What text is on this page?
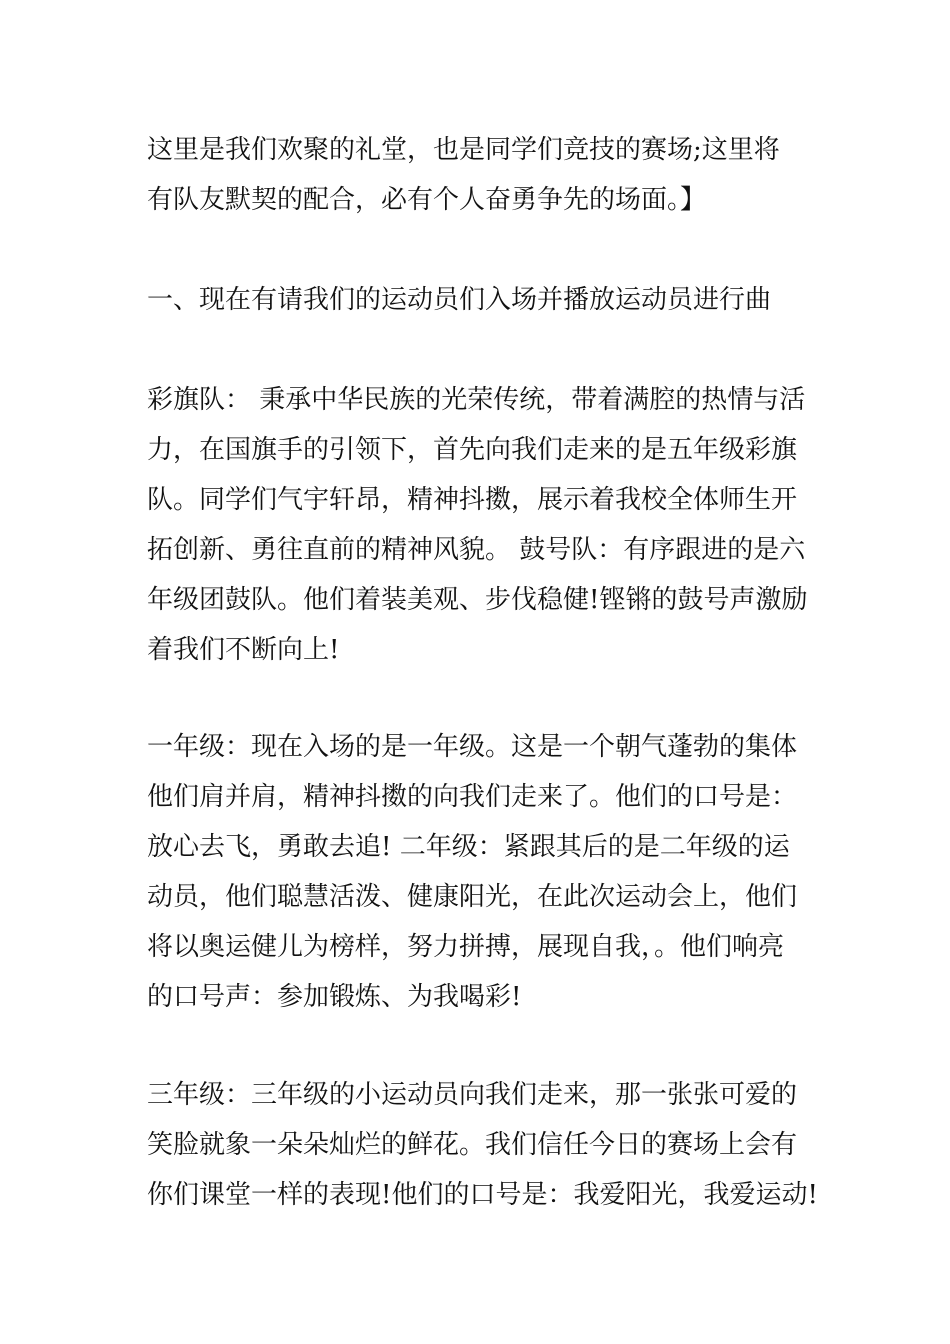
这里是我们欢聚的礼堂，也是同学们竞技的赛场;这里将
有队友默契的配合，必有个人奋勇争先的场面。】
一、现在有请我们的运动员们入场并播放运动员进行曲
彩旗队： 秉承中华民族的光荣传统，带着满腔的热情与活
力，在国旗手的引领下，首先向我们走来的是五年级彩旗
队。同学们气宇轩昂，精神抖擞，展示着我校全体师生开
拓创新、勇往直前的精神风貌。 鼓号队：有序跟进的是六
年级团鼓队。他们着装美观、步伐稳健!铿锵的鼓号声激励
着我们不断向上!
一年级：现在入场的是一年级。这是一个朝气蓬勃的集体
他们肩并肩，精神抖擞的向我们走来了。他们的口号是：
放心去飞，勇敢去追! 二年级：紧跟其后的是二年级的运
动员，他们聪慧活泼、健康阳光，在此次运动会上，他们
将以奥运健儿为榜样，努力拼搏，展现自我，。他们响亮
的口号声：参加锻炼、为我喝彩!
三年级：三年级的小运动员向我们走来，那一张张可爱的
笑脸就象一朵朵灿烂的鲜花。我们信任今日的赛场上会有
你们课堂一样的表现!他们的口号是：我爱阳光，我爱运动!
